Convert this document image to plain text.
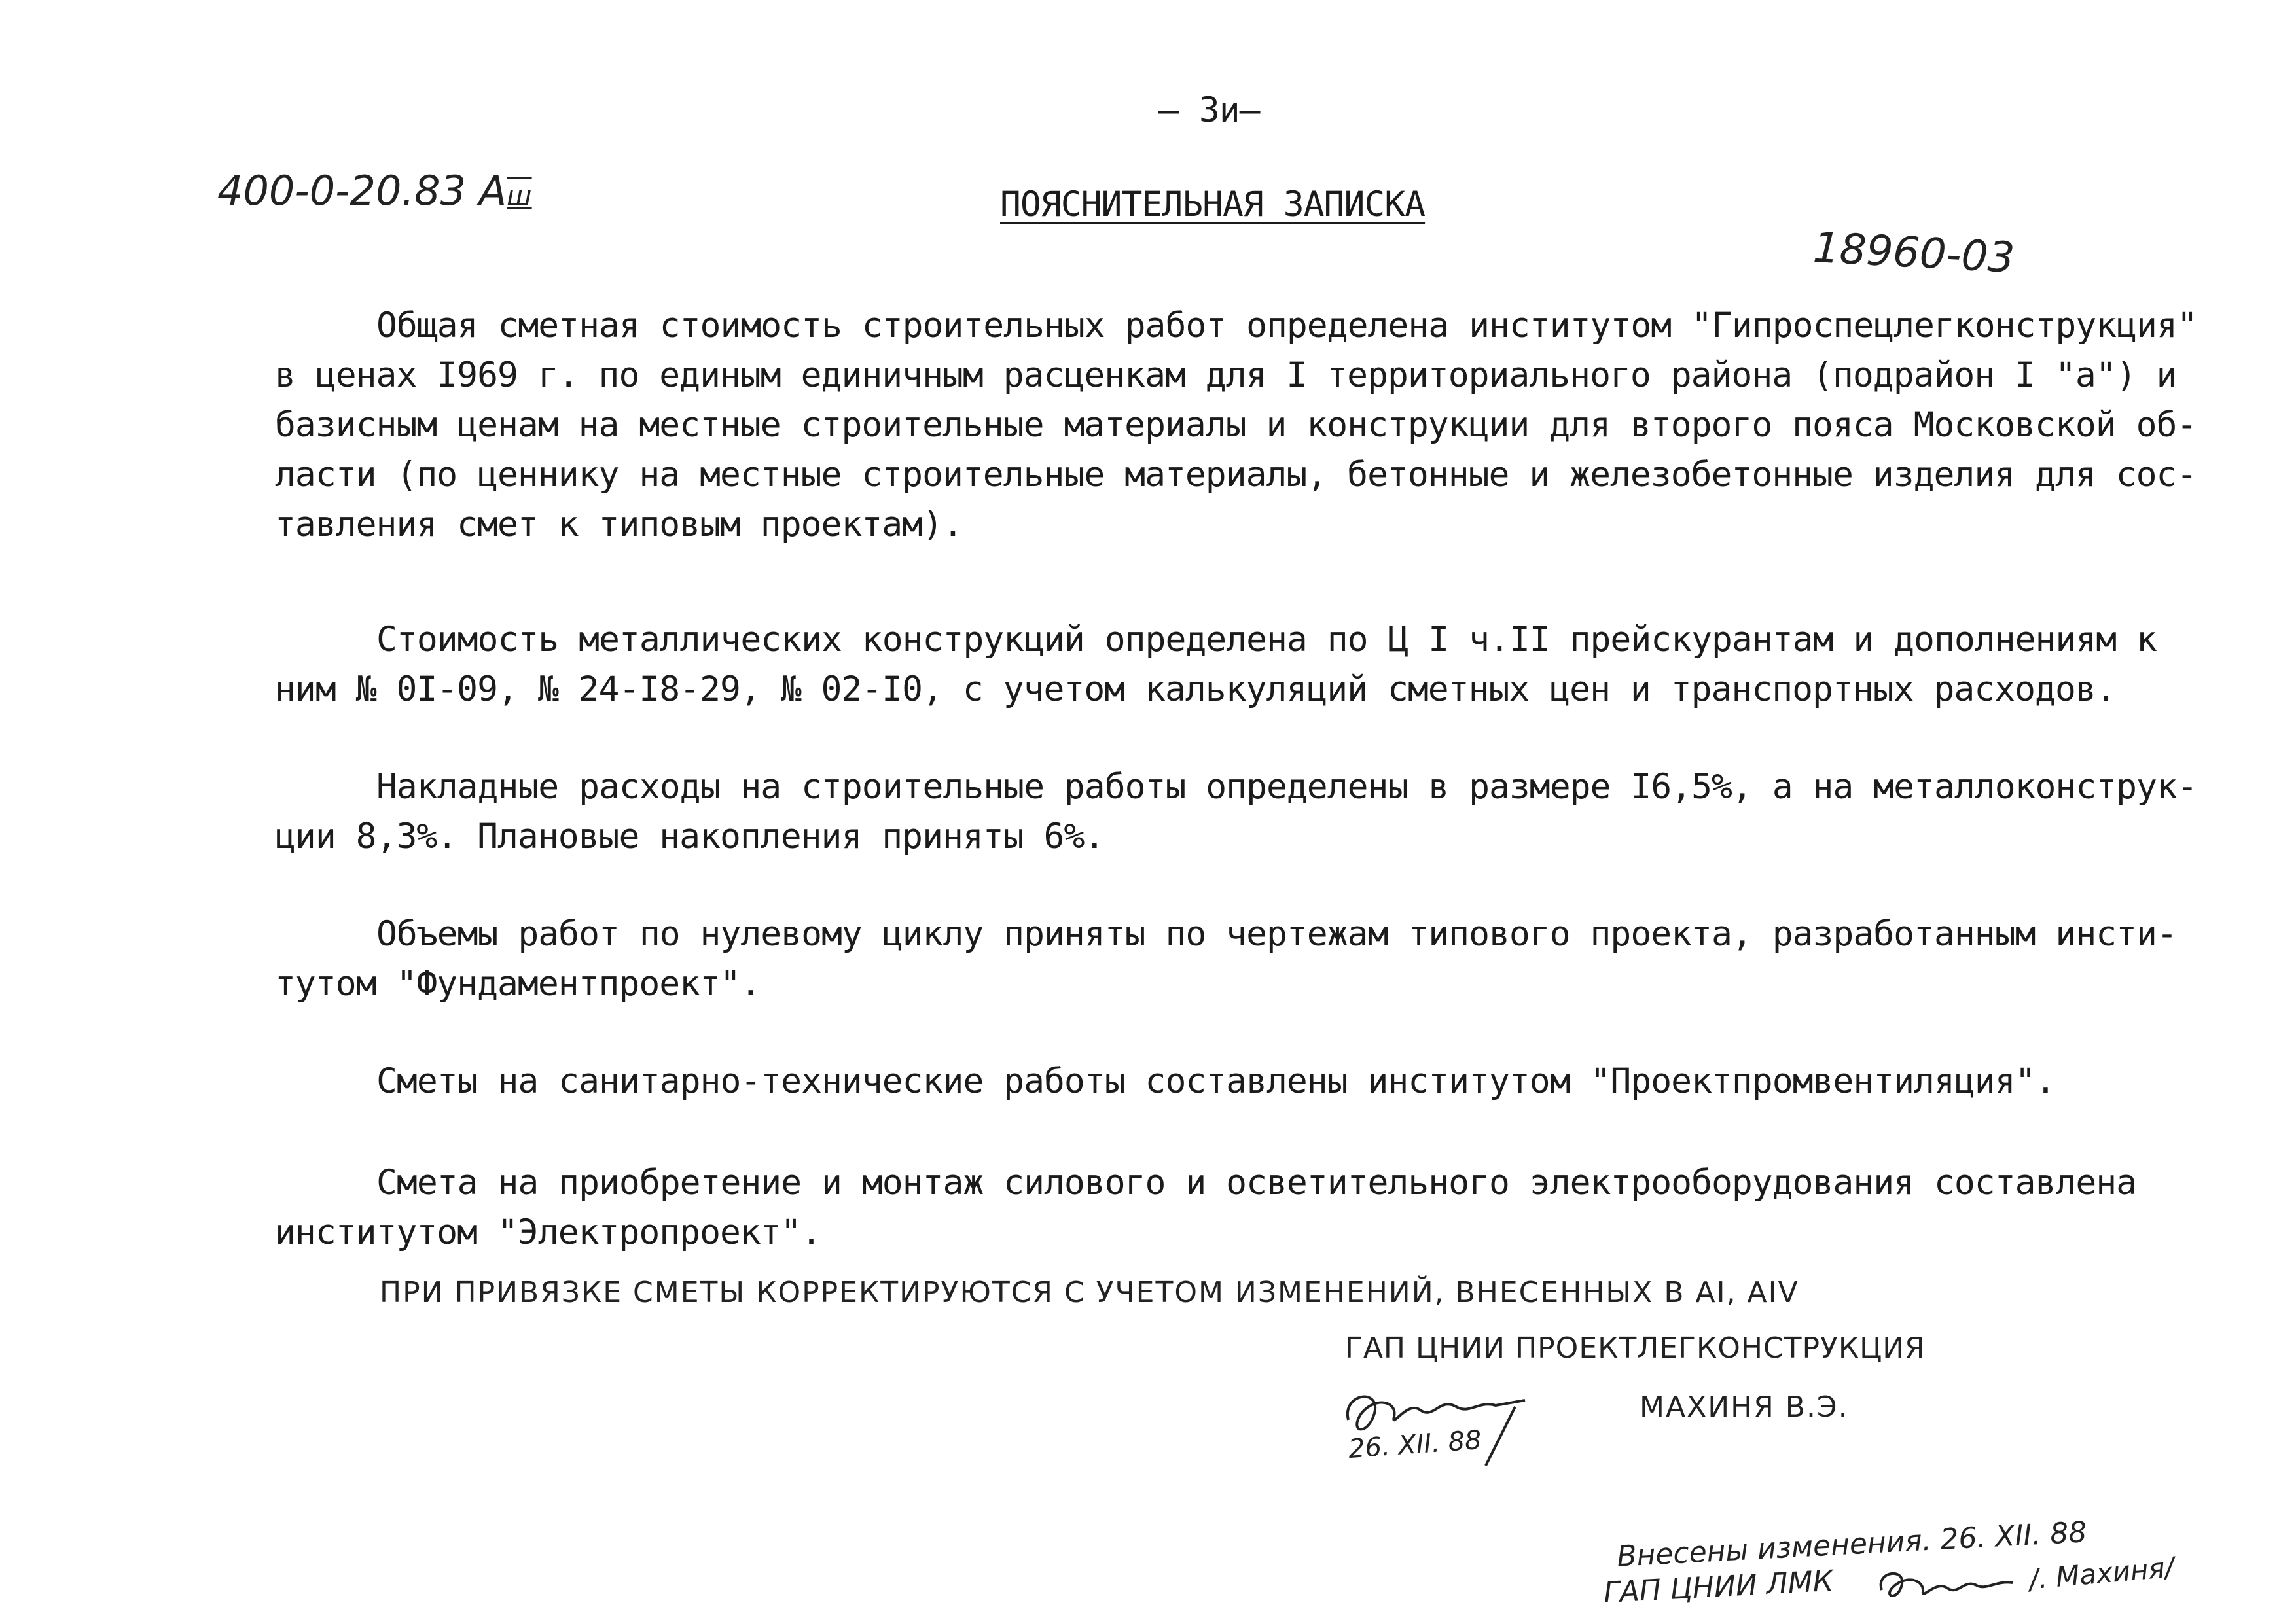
– 3и–

400-0-20.83 Аш	ПОЯСНИТЕЛЬНАЯ ЗАПИСКА

18960-03

Общая сметная стоимость строительных работ определена институтом "Гипроспецлегконструкция"
в ценах I969 г. по единым единичным расценкам для I территориального района (подрайон I "а") и
базисным ценам на местные строительные материалы и конструкции для второго пояса Московской об-
ласти (по ценнику на местные строительные материалы, бетонные и железобетонные изделия для сос-
тавления смет к типовым проектам).
Стоимость металлических конструкций определена по Ц I ч.II прейскурантам и дополнениям к
ним № 0I-09, № 24-I8-29, № 02-I0, с учетом калькуляций сметных цен и транспортных расходов.
Накладные расходы на строительные работы определены в размере I6,5%, а на металлоконструк-
ции 8,3%. Плановые накопления приняты 6%.
Объемы работ по нулевому циклу приняты по чертежам типового проекта, разработанным инсти-
тутом "Фундаментпроект".
Сметы на санитарно-технические работы составлены институтом "Проектпромвентиляция".
Смета на приобретение и монтаж силового и осветительного электрооборудования составлена
институтом "Электропроект".

ПРИ ПРИВЯЗКЕ СМЕТЫ КОРРЕКТИРУЮТСЯ С УЧЕТОМ ИЗМЕНЕНИЙ, ВНЕСЕННЫХ В АI, АIV

ГАП ЦНИИ ПРОЕКТЛЕГКОНСТРУКЦИЯ

МАХИНЯ В.Э.

26. XII. 88

Внесены изменения. 26. XII. 88

ГАП ЦНИИ ЛМК	/. Махиня/
